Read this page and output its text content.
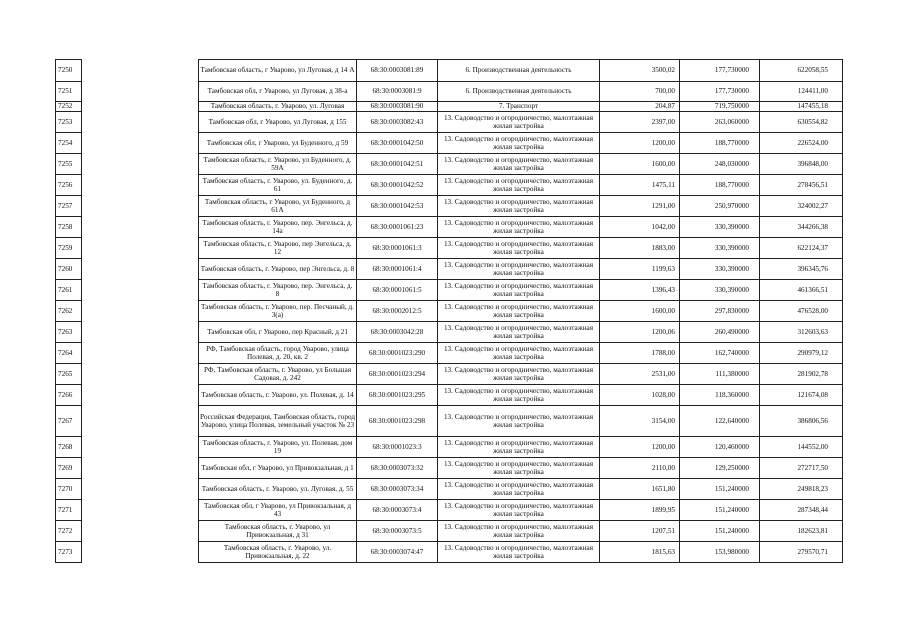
7250		Тамбовская область, г Уварово, ул Луговая, д 14 А	68:30:0003081:89	6. Производственная деятельность	3500,02	177,730000	622058,55
7251		Тамбовская обл, г Уварово, ул Луговая, д 38-а	68:30:0003081:9	6. Производственная деятельность	700,00	177,730000	124411,00
7252		Тамбовская область, г. Уварово, ул. Луговая	68:30:0003081:90	7. Транспорт	204,87	719,750000	147455,18
7253		Тамбовская обл, г Уварово, ул Луговая, д 155	68:30:0003082:43	13. Садоводство и огородничество, малоэтажная жилая застройка	2397,00	263,060000	630554,82
7254		Тамбовская обл, г Уварово, ул Буденного, д 59	68:30:0001042:50	13. Садоводство и огородничество, малоэтажная жилая застройка	1200,00	188,770000	226524,00
7255		Тамбовская область, г. Уварово, ул Буденного, д. 59А	68:30:0001042:51	13. Садоводство и огородничество, малоэтажная жилая застройка	1600,00	248,030000	396848,00
7256		Тамбовская область, г. Уварово, ул. Буденного, д. 61	68:30:0001042:52	13. Садоводство и огородничество, малоэтажная жилая застройка	1475,11	188,770000	278456,51
7257		Тамбовская область, г Уварово, ул Буденного, д 61А	68:30:0001042:53	13. Садоводство и огородничество, малоэтажная жилая застройка	1291,00	250,970000	324002,27
7258		Тамбовская область, г. Уварово, пер. Энгельса, д. 14а	68:30:0001061:23	13. Садоводство и огородничество, малоэтажная жилая застройка	1042,00	330,390000	344266,38
7259		Тамбовская область, г. Уварово, пер Энгельса, д. 12	68:30:0001061:3	13. Садоводство и огородничество, малоэтажная жилая застройка	1883,00	330,390000	622124,37
7260		Тамбовская область, г. Уварово, пер Энгельса, д. 8	68:30:0001061:4	13. Садоводство и огородничество, малоэтажная жилая застройка	1199,63	330,390000	396345,76
7261		Тамбовская область, г. Уварово, пер. Энгельса, д. 8	68:30:0001061:5	13. Садоводство и огородничество, малоэтажная жилая застройка	1396,43	330,390000	461366,51
7262		Тамбовская область, г. Уварово, пер. Песчаный, д. 3(а)	68:30:0002012:5	13. Садоводство и огородничество, малоэтажная жилая застройка	1600,00	297,830000	476528,00
7263		Тамбовская обл, г Уварово, пер Красный, д 21	68:30:0003042:28	13. Садоводство и огородничество, малоэтажная жилая застройка	1200,06	260,490000	312603,63
7264		РФ, Тамбовская область, город Уварово, улица Полевая, д. 20, кв. 2	68:30:0001023:290	13. Садоводство и огородничество, малоэтажная жилая застройка	1788,00	162,740000	290979,12
7265		РФ, Тамбовская область, г. Уварово, ул Большая Садовая, д. 242	68:30:0001023:294	13. Садоводство и огородничество, малоэтажная жилая застройка	2531,00	111,380000	281902,78
7266		Тамбовская область, г. Уварово, ул. Полевая, д. 14	68:30:0001023:295	13. Садоводство и огородничество, малоэтажная жилая застройка	1028,00	118,360000	121674,08
7267		Российская Федерация, Тамбовская область, город Уварово, улица Полевая, земельный участок № 23	68:30:0001023:298	13. Садоводство и огородничество, малоэтажная жилая застройка	3154,00	122,640000	386806,56
7268		Тамбовская область, г. Уварово, ул. Полевая, дом 19	68:30:0001023:3	13. Садоводство и огородничество, малоэтажная жилая застройка	1200,00	120,460000	144552,00
7269		Тамбовская обл, г Уварово, ул Привокзальная, д 1	68:30:0003073:32	13. Садоводство и огородничество, малоэтажная жилая застройка	2110,00	129,250000	272717,50
7270		Тамбовская область, г. Уварово, ул. Луговая, д. 55	68:30:0003073:34	13. Садоводство и огородничество, малоэтажная жилая застройка	1651,80	151,240000	249818,23
7271		Тамбовская обл, г Уварово, ул Привокзальная, д 43	68:30:0003073:4	13. Садоводство и огородничество, малоэтажная жилая застройка	1899,95	151,240000	287348,44
7272		Тамбовская область, г. Уварово, ул Привокзальная, д 31	68:30:0003073:5	13. Садоводство и огородничество, малоэтажная жилая застройка	1207,51	151,240000	182623,81
7273		Тамбовская область, г. Уварово, ул. Привокзальная, д. 22	68:30:0003074:47	13. Садоводство и огородничество, малоэтажная жилая застройка	1815,63	153,980000	279570,71
